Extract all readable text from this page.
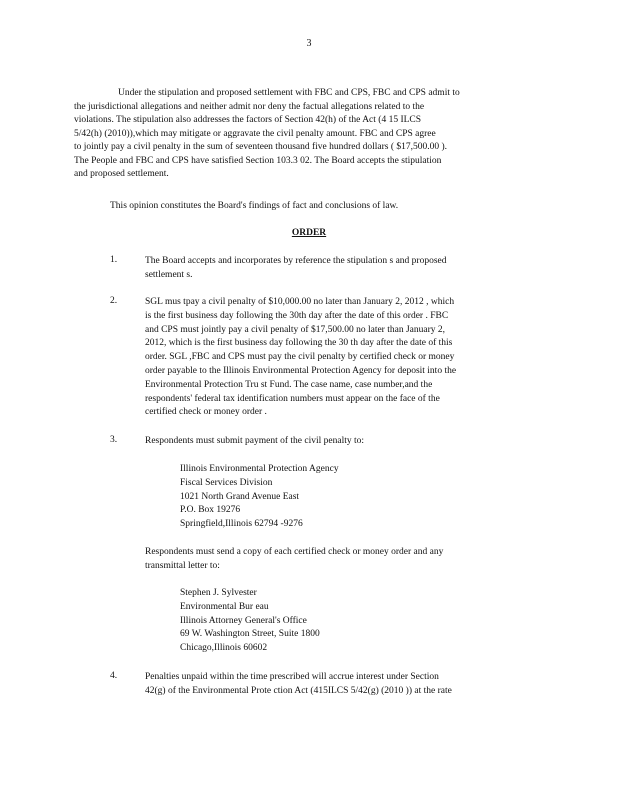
3
Under the stipulation and proposed settlement with FBC and CPS, FBC and CPS admit to
the jurisdictional allegations and neither admit nor deny the factual allegations related to the
violations. The stipulation also addresses the factors of Section 42(h) of the Act (4 15 ILCS
5/42(h) (2010)),which may mitigate or aggravate the civil penalty amount. FBC and CPS agree
to jointly pay a civil penalty in the sum of seventeen thousand five hundred dollars ( $17,500.00 ).
The People and FBC and CPS have satisfied Section 103.3 02. The Board accepts the stipulation
and proposed settlement.
This opinion constitutes the Board's findings of fact and conclusions of law.
ORDER
1.	The Board accepts and incorporates by reference the stipulation s and proposed
settlement s.
2.	SGL mus tpay a civil penalty of $10,000.00 no later than January 2, 2012 , which
is the first business day following the 30th day after the date of this order . FBC
and CPS must jointly pay a civil penalty of $17,500.00 no later than January 2,
2012, which is the first business day following the 30 th day after the date of this
order. SGL ,FBC and CPS must pay the civil penalty by certified check or money
order payable to the Illinois Environmental Protection Agency for deposit into the
Environmental Protection Tru st Fund. The case name, case number,and the
respondents' federal tax identification numbers must appear on the face of the
certified check or money order .
3.	Respondents must submit payment of the civil penalty to:
Illinois Environmental Protection Agency
Fiscal Services Division
1021 North Grand Avenue East
P.O. Box 19276
Springfield,Illinois 62794 -9276
Respondents must send a copy of each certified check or money order and any
transmittal letter to:
Stephen J. Sylvester
Environmental Bur eau
Illinois Attorney General's Office
69 W. Washington Street, Suite 1800
Chicago,Illinois 60602
4.	Penalties unpaid within the time prescribed will accrue interest under Section
42(g) of the Environmental Prote ction Act (415ILCS 5/42(g) (2010 )) at the rate
